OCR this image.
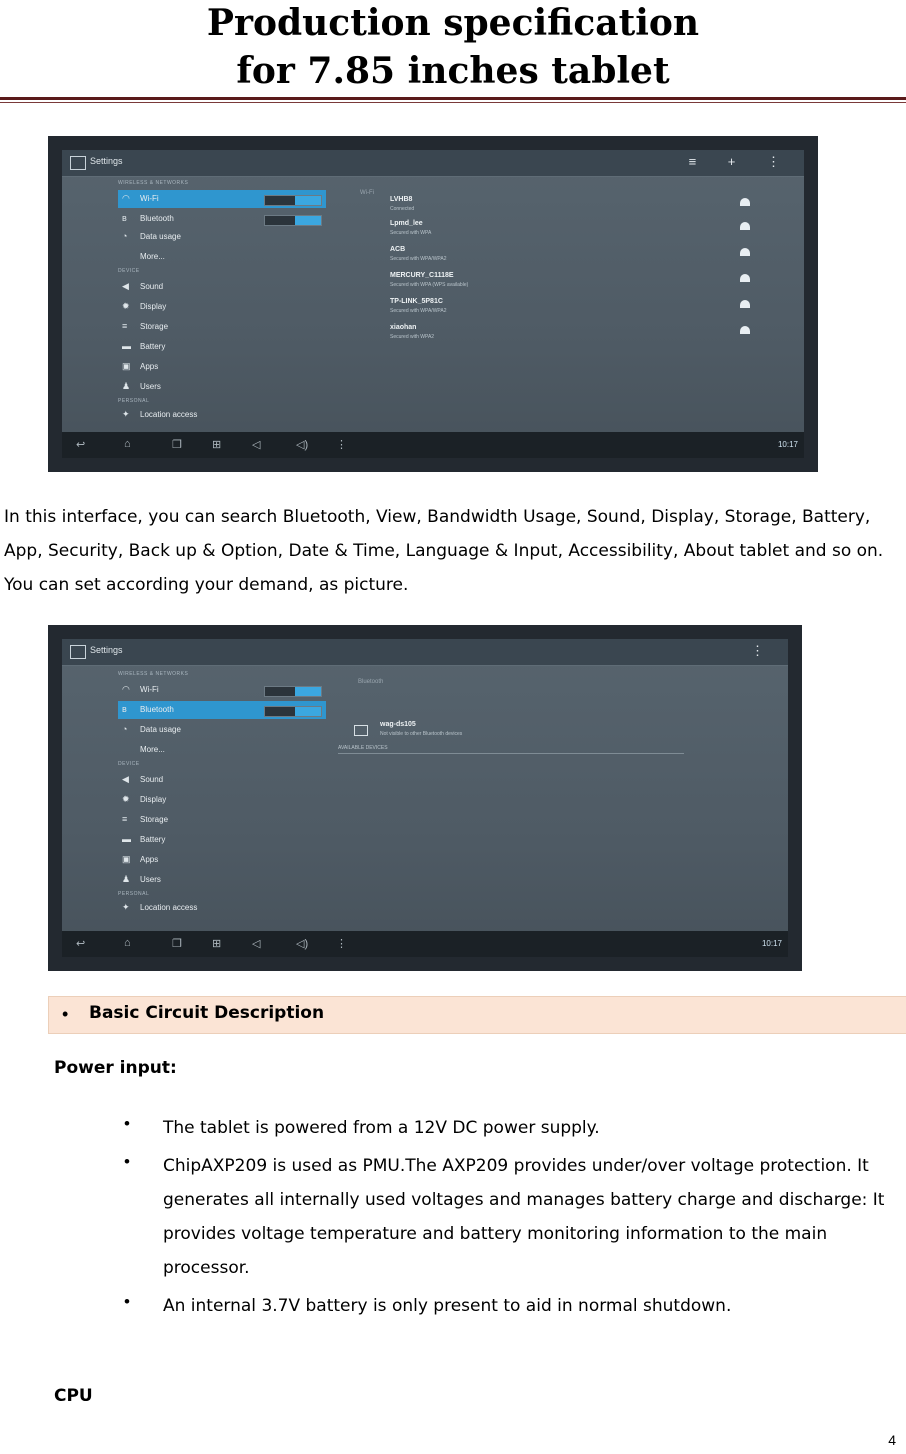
Production specification
for 7.85 inches tablet
Settings	≡ + ⋮
WIRELESS & NETWORKS
◠ Wi-Fi
ʙ Bluetooth
◔ Data usage
More...
DEVICE
◀ Sound
✹ Display
≡ Storage
▬ Battery
▣ Apps
♟ Users
PERSONAL
✦ Location access
Wi-Fi
LVHB8
Connected
Lpmd_lee
Secured with WPA
ACB
Secured with WPA/WPA2
MERCURY_C1118E
Secured with WPA (WPS available)
TP-LINK_5P81C
Secured with WPA/WPA2
xiaohan
Secured with WPA2
↩	⌂	❐	⊞	◁	◁)	⋮	10:17

In this interface, you can search Bluetooth, View, Bandwidth Usage, Sound, Display, Storage, Battery, App, Security, Back up & Option, Date & Time, Language & Input, Accessibility, About tablet and so on. You can set according your demand, as picture.

Settings	⋮
WIRELESS & NETWORKS
◠ Wi-Fi
ʙ Bluetooth
◔ Data usage
More...
DEVICE
◀ Sound
✹ Display
≡ Storage
▬ Battery
▣ Apps
♟ Users
PERSONAL
✦ Location access
Bluetooth
wag-ds105
Not visible to other Bluetooth devices
AVAILABLE DEVICES
↩	⌂	❐	⊞	◁	◁)	⋮	10:17
• Basic Circuit Description
Power input:
• The tablet is powered from a 12V DC power supply.

• ChipAXP209 is used as PMU.The AXP209 provides under/over voltage protection. It generates all internally used voltages and manages battery charge and discharge: It provides voltage temperature and battery monitoring information to the main processor.

• An internal 3.7V battery is only present to aid in normal shutdown.

CPU
4
